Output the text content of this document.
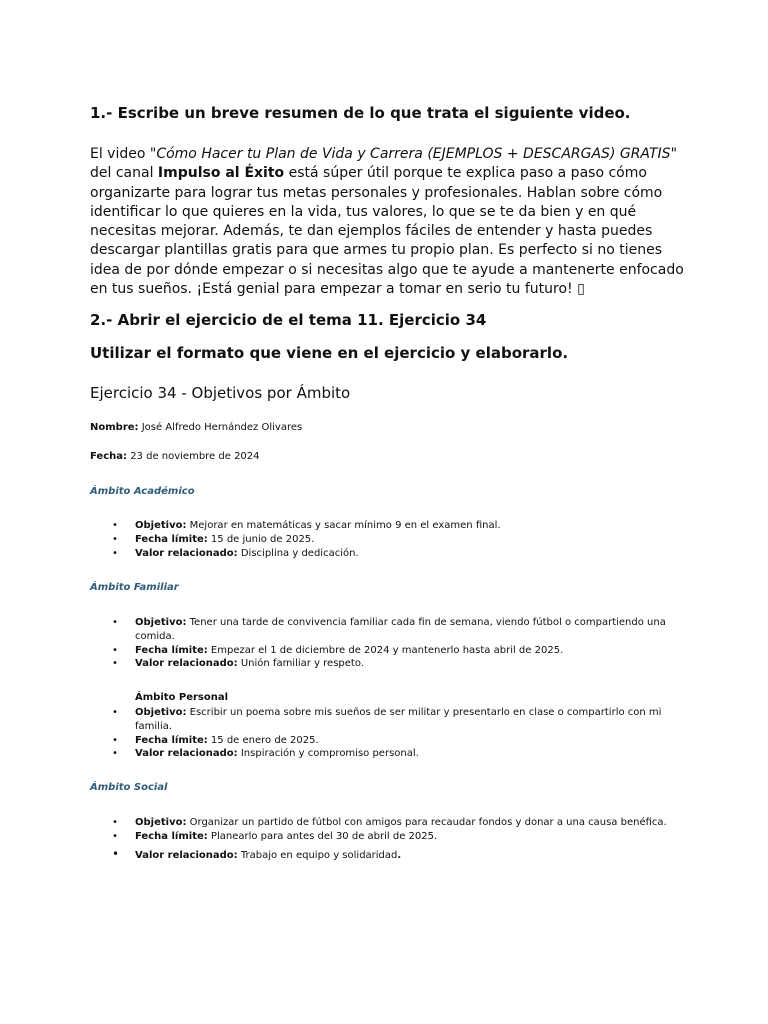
1.- Escribe un breve resumen de lo que trata el siguiente video.
El video "Cómo Hacer tu Plan de Vida y Carrera (EJEMPLOS + DESCARGAS) GRATIS" del canal Impulso al Éxito está súper útil porque te explica paso a paso cómo organizarte para lograr tus metas personales y profesionales. Hablan sobre cómo identificar lo que quieres en la vida, tus valores, lo que se te da bien y en qué necesitas mejorar. Además, te dan ejemplos fáciles de entender y hasta puedes descargar plantillas gratis para que armes tu propio plan. Es perfecto si no tienes idea de por dónde empezar o si necesitas algo que te ayude a mantenerte enfocado en tus sueños. ¡Está genial para empezar a tomar en serio tu futuro! ▯
2.- Abrir el ejercicio de el tema 11. Ejercicio 34
Utilizar el formato que viene en el ejercicio y elaborarlo.
Ejercicio 34 - Objetivos por Ámbito
Nombre: José Alfredo Hernández Olivares
Fecha: 23 de noviembre de 2024
Ámbito Académico
• Objetivo: Mejorar en matemáticas y sacar mínimo 9 en el examen final.
• Fecha límite: 15 de junio de 2025.
• Valor relacionado: Disciplina y dedicación.
Ámbito Familiar
• Objetivo: Tener una tarde de convivencia familiar cada fin de semana, viendo fútbol o compartiendo una comida.
• Fecha límite: Empezar el 1 de diciembre de 2024 y mantenerlo hasta abril de 2025.
• Valor relacionado: Unión familiar y respeto.
Ámbito Personal
• Objetivo: Escribir un poema sobre mis sueños de ser militar y presentarlo en clase o compartirlo con mi familia.
• Fecha límite: 15 de enero de 2025.
• Valor relacionado: Inspiración y compromiso personal.
Ámbito Social
• Objetivo: Organizar un partido de fútbol con amigos para recaudar fondos y donar a una causa benéfica.
• Fecha límite: Planearlo para antes del 30 de abril de 2025.
• Valor relacionado: Trabajo en equipo y solidaridad.
